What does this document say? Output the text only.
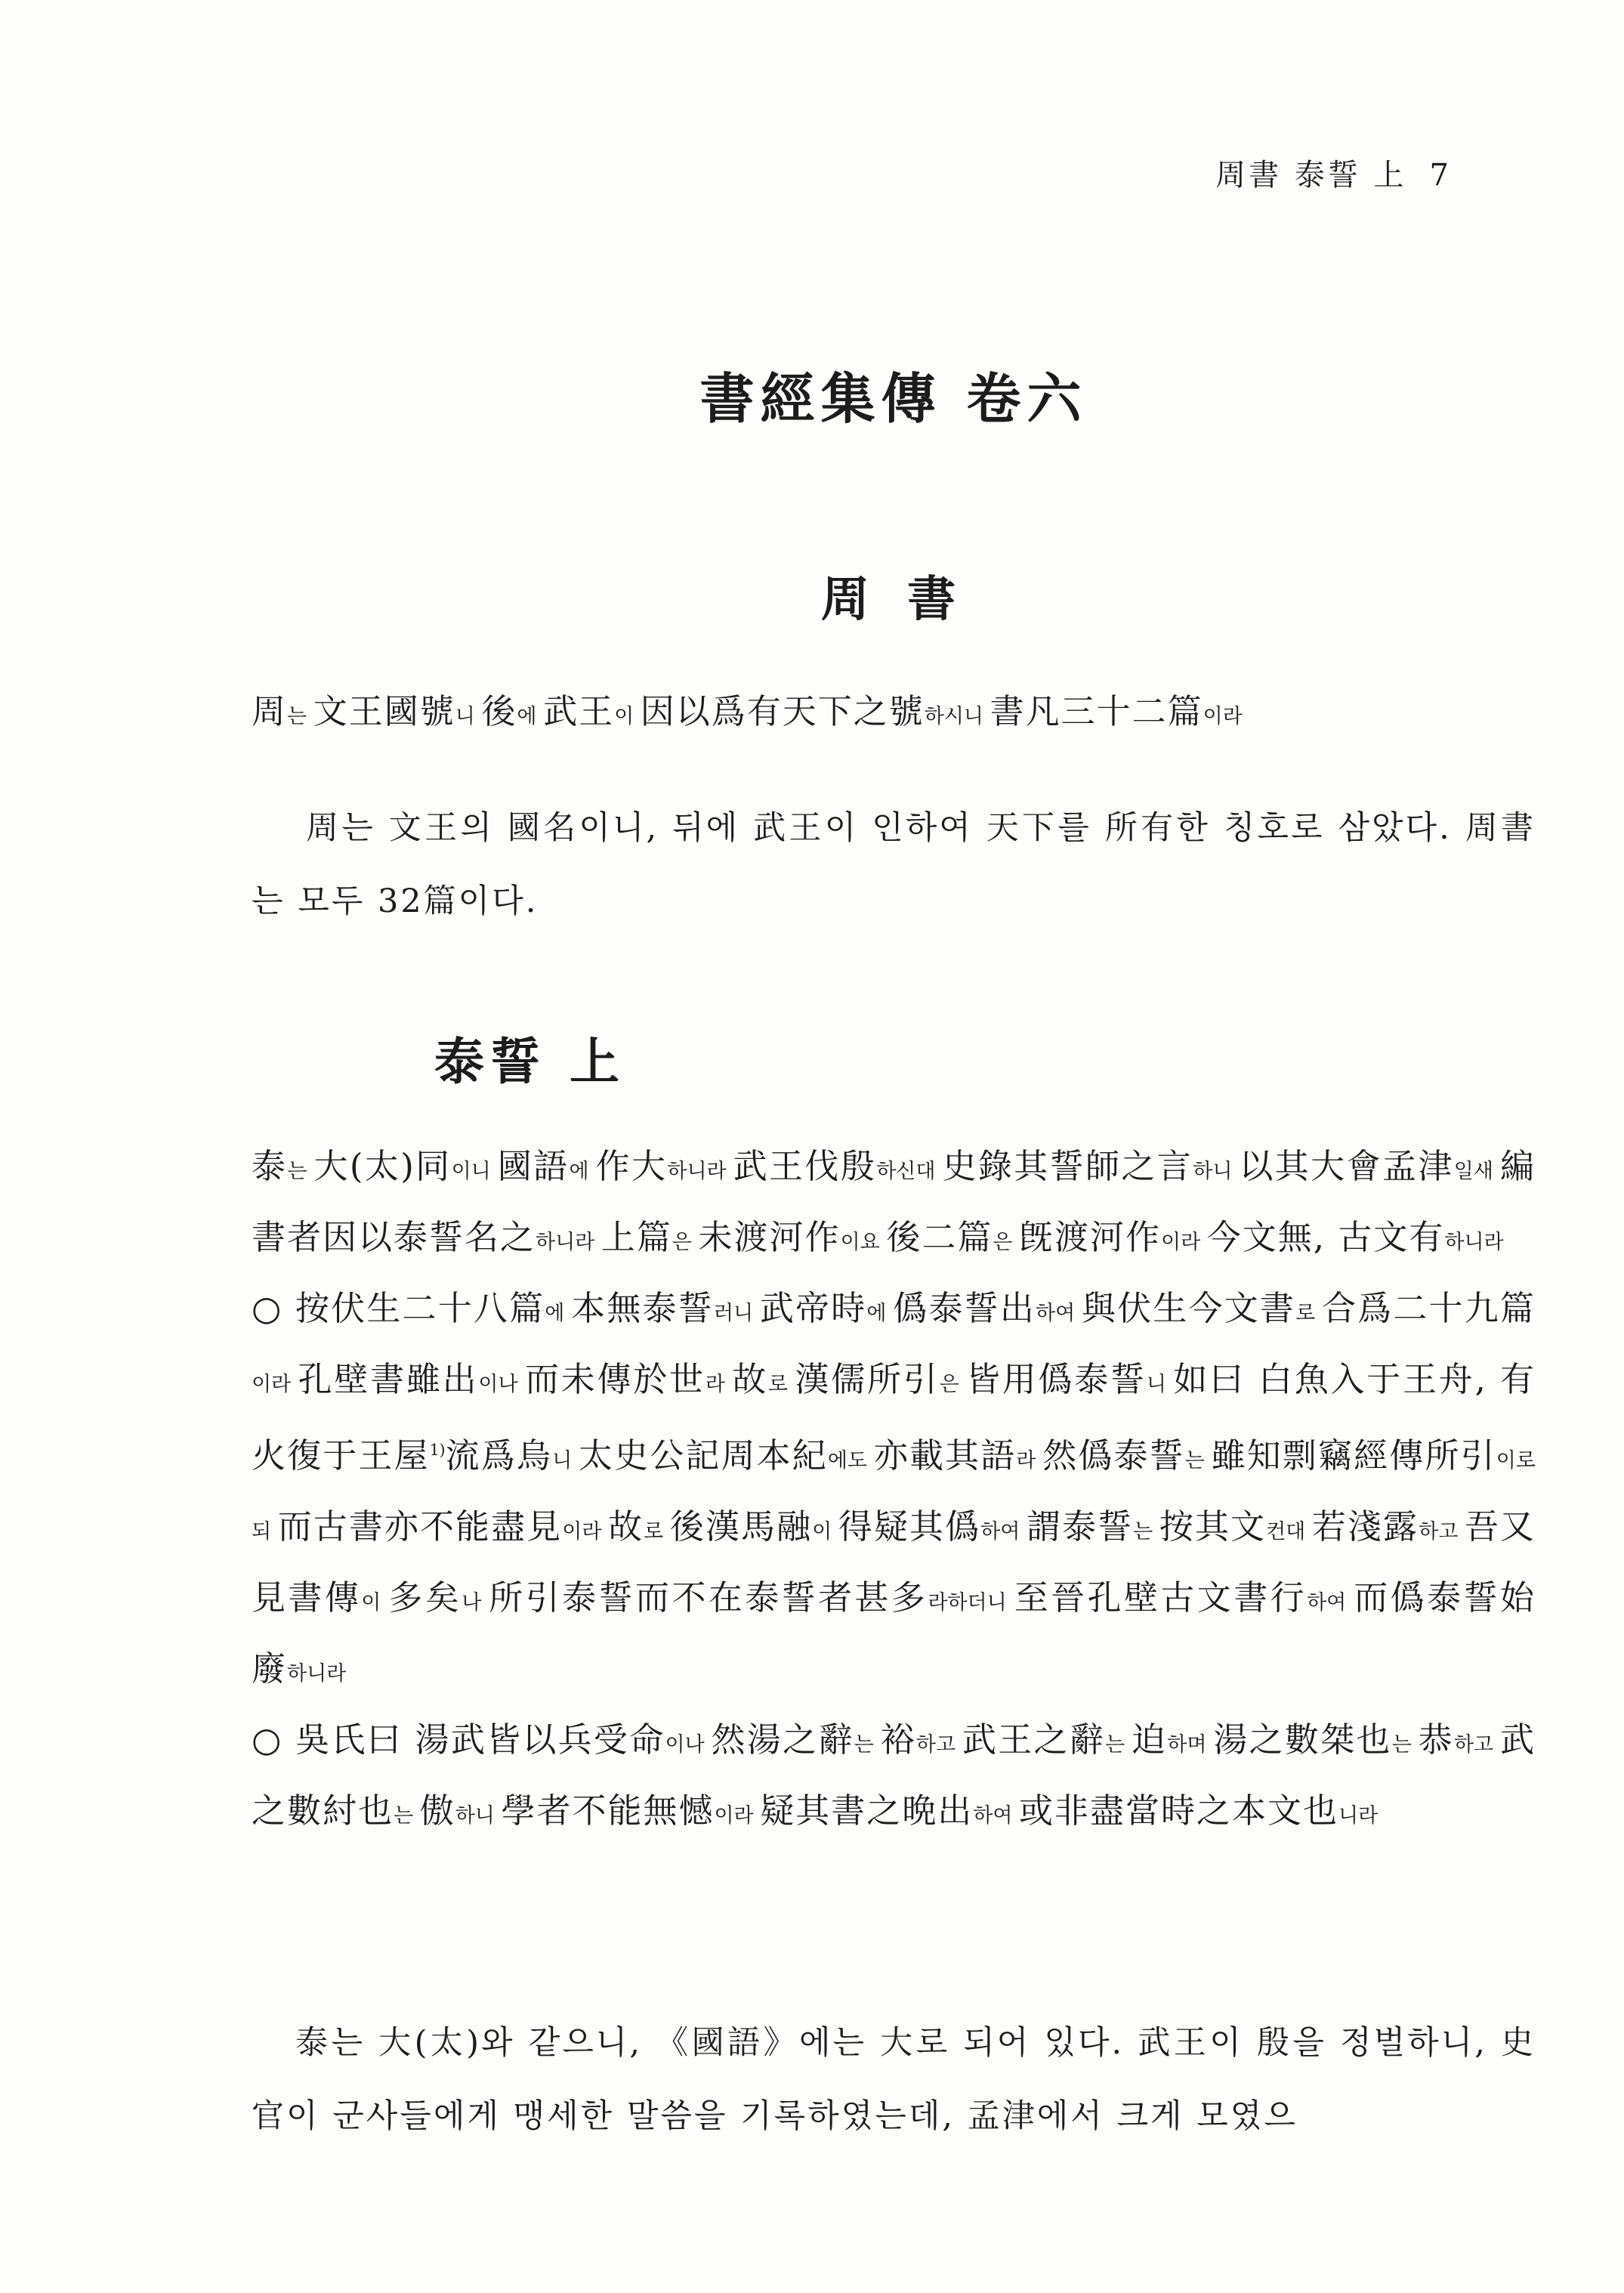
周書 泰誓 上 7
書經集傳 卷六
周 書

周는 文王國號니 後에 武王이 因以爲有天下之號하시니 書凡三十二篇이라

周는 文王의 國名이니, 뒤에 武王이 인하여 天下를 所有한 칭호로 삼았다. 周書는 모두 32篇이다.

泰誓 上

泰는 大(太)同이니 國語에 作大하니라 武王伐殷하신대 史錄其誓師之言하니 以其大會孟津일새 編書者因以泰誓名之하니라 上篇은 未渡河作이요 後二篇은 旣渡河作이라 今文無, 古文有하니라

○ 按伏生二十八篇에 本無泰誓러니 武帝時에 僞泰誓出하여 與伏生今文書로 合爲二十九篇이라 孔壁書雖出이나 而未傳於世라 故로 漢儒所引은 皆用僞泰誓니 如曰 白魚入于王舟, 有火復于王屋$^{1)}$流爲烏니 太史公記周本紀에도 亦載其語라 然僞泰誓는 雖知剽竊經傳所引이로되 而古書亦不能盡見이라 故로 後漢馬融이 得疑其僞하여 謂泰誓는 按其文컨대 若淺露하고 吾又見書傳이 多矣나 所引泰誓而不在泰誓者甚多라하더니 至晉孔壁古文書行하여 而僞泰誓始廢하니라

○ 吳氏曰 湯武皆以兵受命이나 然湯之辭는 裕하고 武王之辭는 迫하며 湯之數桀也는 恭하고 武之數紂也는 傲하니 學者不能無憾이라 疑其書之晩出하여 或非盡當時之本文也니라

泰는 大(太)와 같으니, 《國語》에는 大로 되어 있다. 武王이 殷을 정벌하니, 史官이 군사들에게 맹세한 말씀을 기록하였는데, 孟津에서 크게 모였으
